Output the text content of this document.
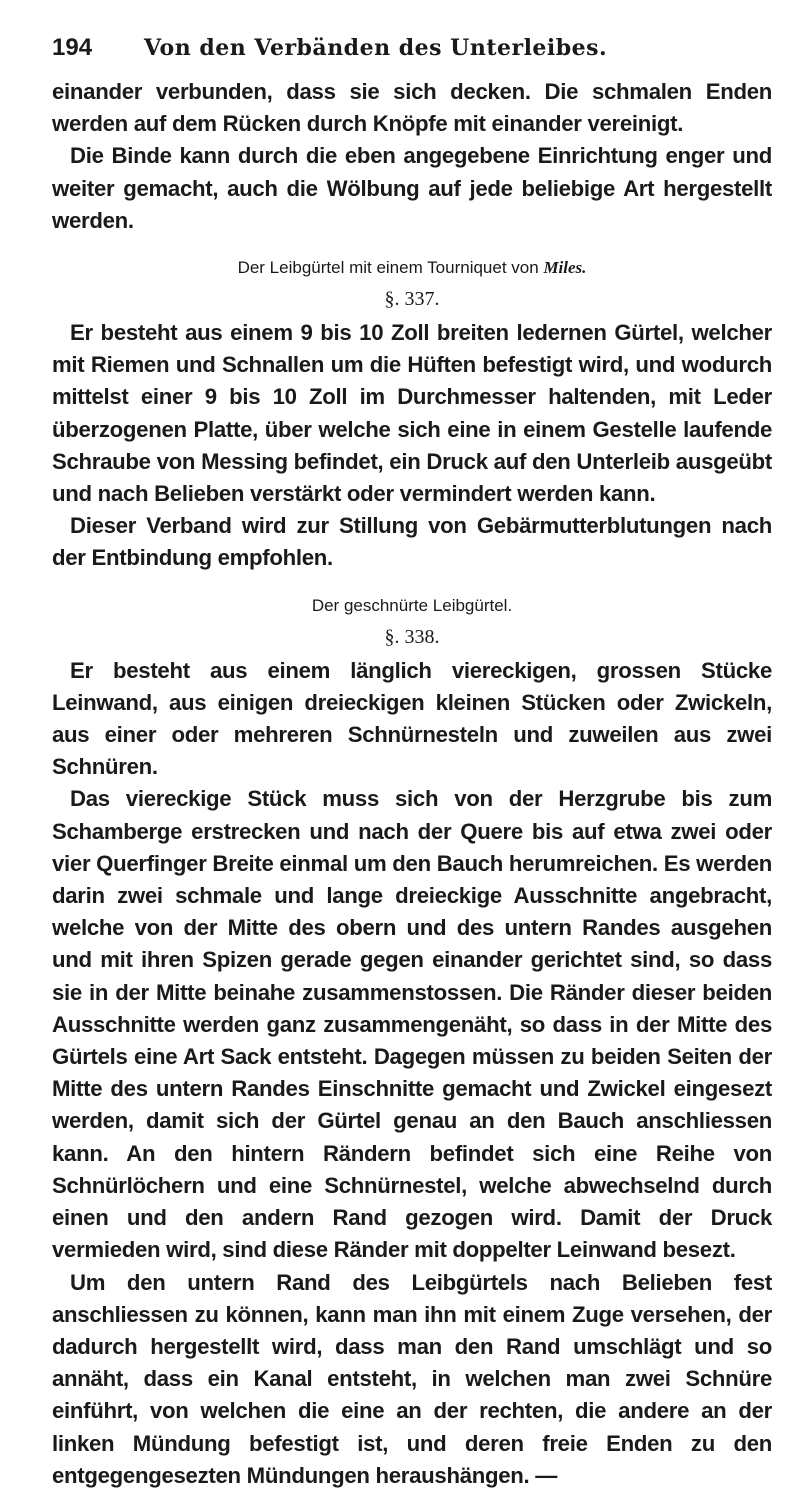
194	Von den Verbänden des Unterleibes.

einander verbunden, dass sie sich decken. Die schmalen Enden werden auf dem Rücken durch Knöpfe mit einander vereinigt.

Die Binde kann durch die eben angegebene Einrichtung enger und weiter gemacht, auch die Wölbung auf jede beliebige Art hergestellt werden.

Der Leibgürtel mit einem Tourniquet von Miles.
§. 337.

Er besteht aus einem 9 bis 10 Zoll breiten ledernen Gürtel, welcher mit Riemen und Schnallen um die Hüften befestigt wird, und wodurch mittelst einer 9 bis 10 Zoll im Durchmesser haltenden, mit Leder überzogenen Platte, über welche sich eine in einem Gestelle laufende Schraube von Messing befindet, ein Druck auf den Unterleib ausgeübt und nach Belieben verstärkt oder vermindert werden kann.

Dieser Verband wird zur Stillung von Gebärmutterblutungen nach der Entbindung empfohlen.

Der geschnürte Leibgürtel.
§. 338.

Er besteht aus einem länglich viereckigen, grossen Stücke Leinwand, aus einigen dreieckigen kleinen Stücken oder Zwickeln, aus einer oder mehreren Schnürnesteln und zuweilen aus zwei Schnüren.

Das viereckige Stück muss sich von der Herzgrube bis zum Schamberge erstrecken und nach der Quere bis auf etwa zwei oder vier Querfinger Breite einmal um den Bauch herumreichen. Es werden darin zwei schmale und lange dreieckige Ausschnitte angebracht, welche von der Mitte des obern und des untern Randes ausgehen und mit ihren Spizen gerade gegen einander gerichtet sind, so dass sie in der Mitte beinahe zusammenstossen. Die Ränder dieser beiden Ausschnitte werden ganz zusammengenäht, so dass in der Mitte des Gürtels eine Art Sack entsteht. Dagegen müssen zu beiden Seiten der Mitte des untern Randes Einschnitte gemacht und Zwickel eingesezt werden, damit sich der Gürtel genau an den Bauch anschliessen kann. An den hintern Rändern befindet sich eine Reihe von Schnürlöchern und eine Schnürnestel, welche abwechselnd durch einen und den andern Rand gezogen wird. Damit der Druck vermieden wird, sind diese Ränder mit doppelter Leinwand besezt.

Um den untern Rand des Leibgürtels nach Belieben fest anschliessen zu können, kann man ihn mit einem Zuge versehen, der dadurch hergestellt wird, dass man den Rand umschlägt und so annäht, dass ein Kanal entsteht, in welchen man zwei Schnüre einführt, von welchen die eine an der rechten, die andere an der linken Mündung befestigt ist, und deren freie Enden zu den entgegengesezten Mündungen heraushängen. —
